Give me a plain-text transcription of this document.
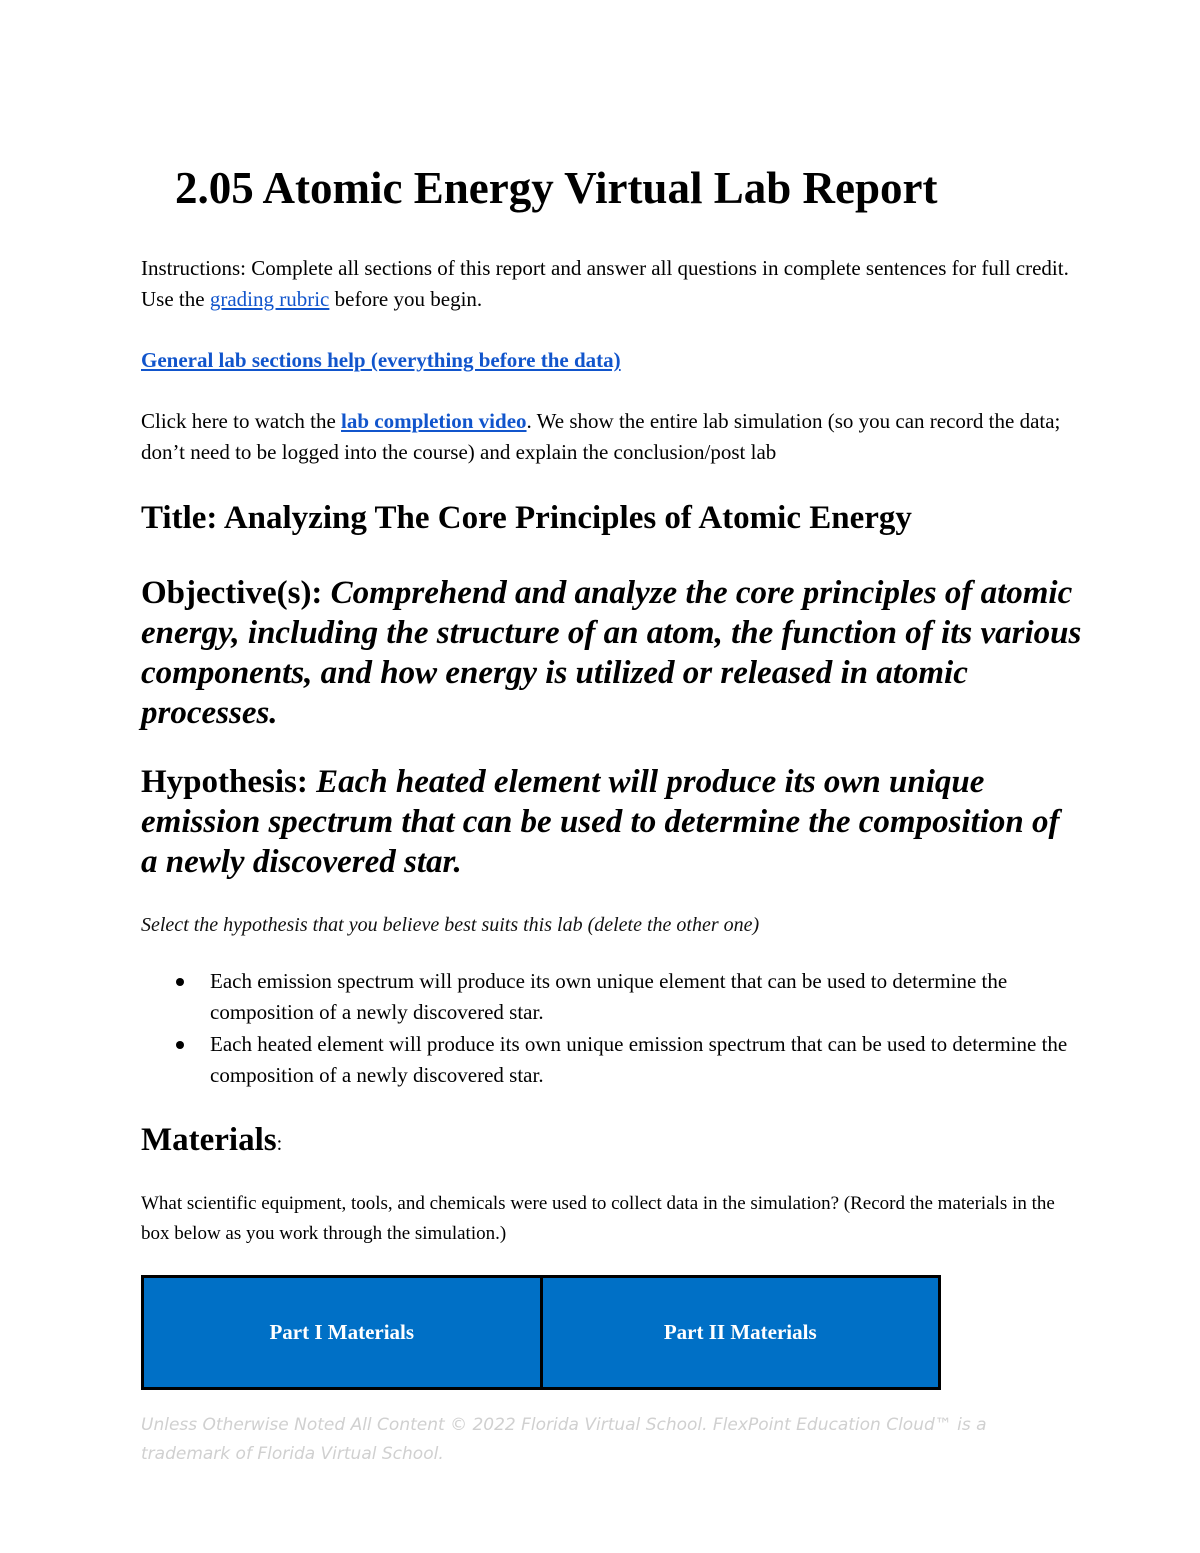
2.05 Atomic Energy Virtual Lab Report

Instructions: Complete all sections of this report and answer all questions in complete sentences for full credit. Use the grading rubric before you begin.

General lab sections help (everything before the data)

Click here to watch the lab completion video. We show the entire lab simulation (so you can record the data; don’t need to be logged into the course) and explain the conclusion/post lab

Title: Analyzing The Core Principles of Atomic Energy
Objective(s): Comprehend and analyze the core principles of atomic energy, including the structure of an atom, the function of its various components, and how energy is utilized or released in atomic processes.
Hypothesis: Each heated element will produce its own unique emission spectrum that can be used to determine the composition of a newly discovered star.

Select the hypothesis that you believe best suits this lab (delete the other one)

Each emission spectrum will produce its own unique element that can be used to determine the composition of a newly discovered star.
Each heated element will produce its own unique emission spectrum that can be used to determine the composition of a newly discovered star.
Materials:

What scientific equipment, tools, and chemicals were used to collect data in the simulation? (Record the materials in the box below as you work through the simulation.)

Part I Materials	Part II Materials

Unless Otherwise Noted All Content © 2022 Florida Virtual School. FlexPoint Education Cloud™ is a trademark of Florida Virtual School.
